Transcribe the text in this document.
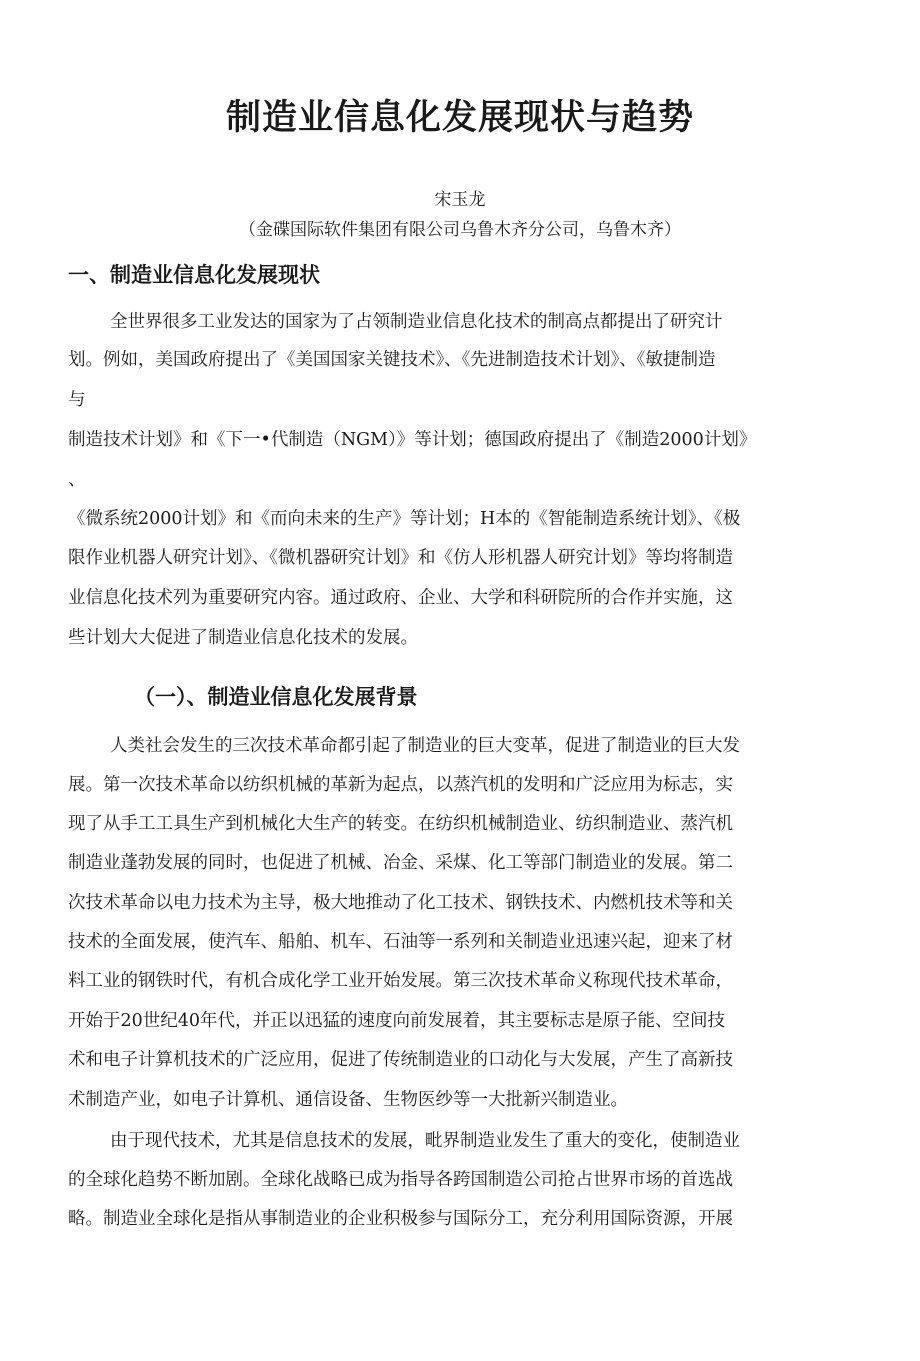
制造业信息化发展现状与趋势
宋玉龙
（金碟国际软件集团有限公司乌鲁木齐分公司，乌鲁木齐）
一、制造业信息化发展现状
全世界很多工业发达的国家为了占领制造业信息化技术的制高点都提出了研究计
划。例如，美国政府提出了《美国国家关键技术》、《先进制造技术计划》、《敏捷制造
与
制造技术计划》和《下一•代制造（NGM）》等计划；德国政府提出了《制造2000计划》
、
《微系统2000计划》和《而向未来的生产》等计划；H本的《智能制造系统计划》、《极
限作业机器人研究计划》、《微机器研究计划》和《仿人形机器人研究计划》等均将制造
业信息化技术列为重要研究内容。通过政府、企业、大学和科研院所的合作并实施，这
些计划大大促进了制造业信息化技术的发展。
（一）、制造业信息化发展背景
人类社会发生的三次技术革命都引起了制造业的巨大变革，促进了制造业的巨大发
展。第一次技术革命以纺织机械的革新为起点，以蒸汽机的发明和广泛应用为标志，实
现了从手工工具生产到机械化大生产的转变。在纺织机械制造业、纺织制造业、蒸汽机
制造业蓬勃发展的同时，也促进了机械、冶金、采煤、化工等部门制造业的发展。第二
次技术革命以电力技术为主导，极大地推动了化工技术、钢铁技术、内燃机技术等和关
技术的全面发展，使汽车、船舶、机车、石油等一系列和关制造业迅速兴起，迎来了材
料工业的钢铁时代，有机合成化学工业开始发展。第三次技术革命义称现代技术革命，
开始于20世纪40年代，并正以迅猛的速度向前发展着，其主要标志是原子能、空间技
术和电子计算机技术的广泛应用，促进了传统制造业的口动化与大发展，产生了高新技
术制造产业，如电子计算机、通信设备、生物医纱等一大批新兴制造业。
由于现代技术，尤其是信息技术的发展，毗界制造业发生了重大的变化，使制造业
的全球化趋势不断加剧。全球化战略已成为指导各跨国制造公司抢占世界市场的首选战
略。制造业全球化是指从事制造业的企业积极参与国际分工，充分利用国际资源，开展
